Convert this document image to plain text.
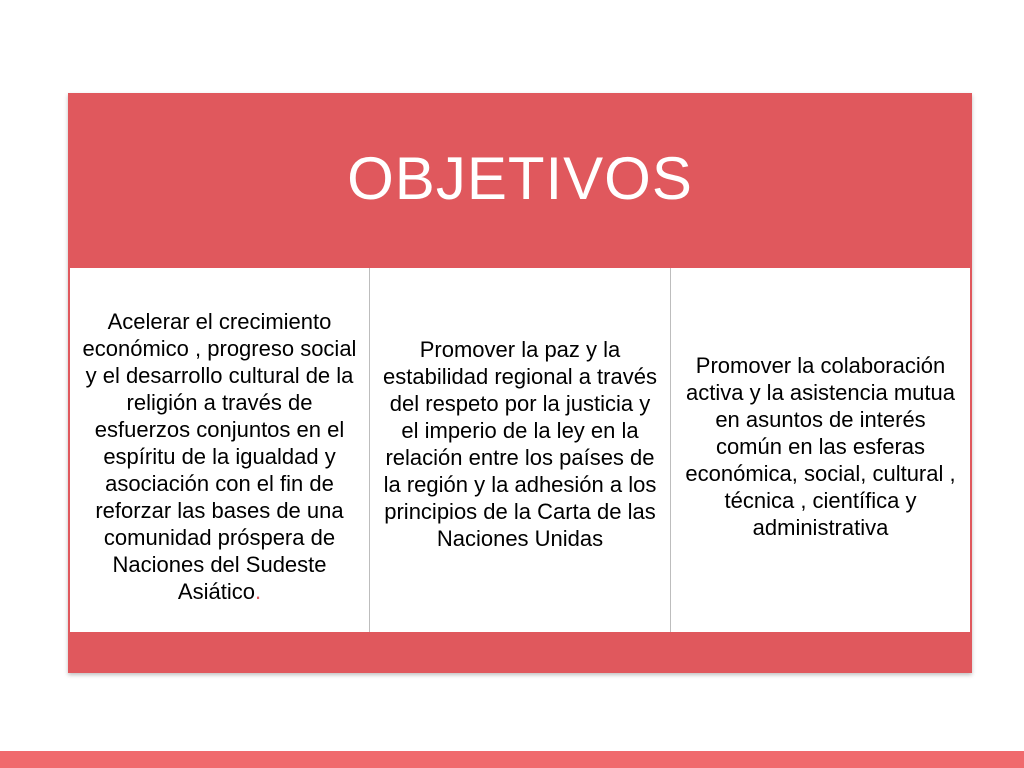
OBJETIVOS
Acelerar el crecimiento económico , progreso social y el desarrollo cultural de la religión a través de esfuerzos conjuntos en el espíritu de la igualdad y asociación con el fin de reforzar las bases de una comunidad próspera de Naciones del Sudeste Asiático.
Promover la paz y la estabilidad regional a través del respeto por la justicia y el imperio de la ley en la relación entre los países de la región y la adhesión a los principios de la Carta de las Naciones Unidas
Promover la colaboración activa y la asistencia mutua en asuntos de interés común en las esferas económica, social, cultural , técnica , científica y administrativa
